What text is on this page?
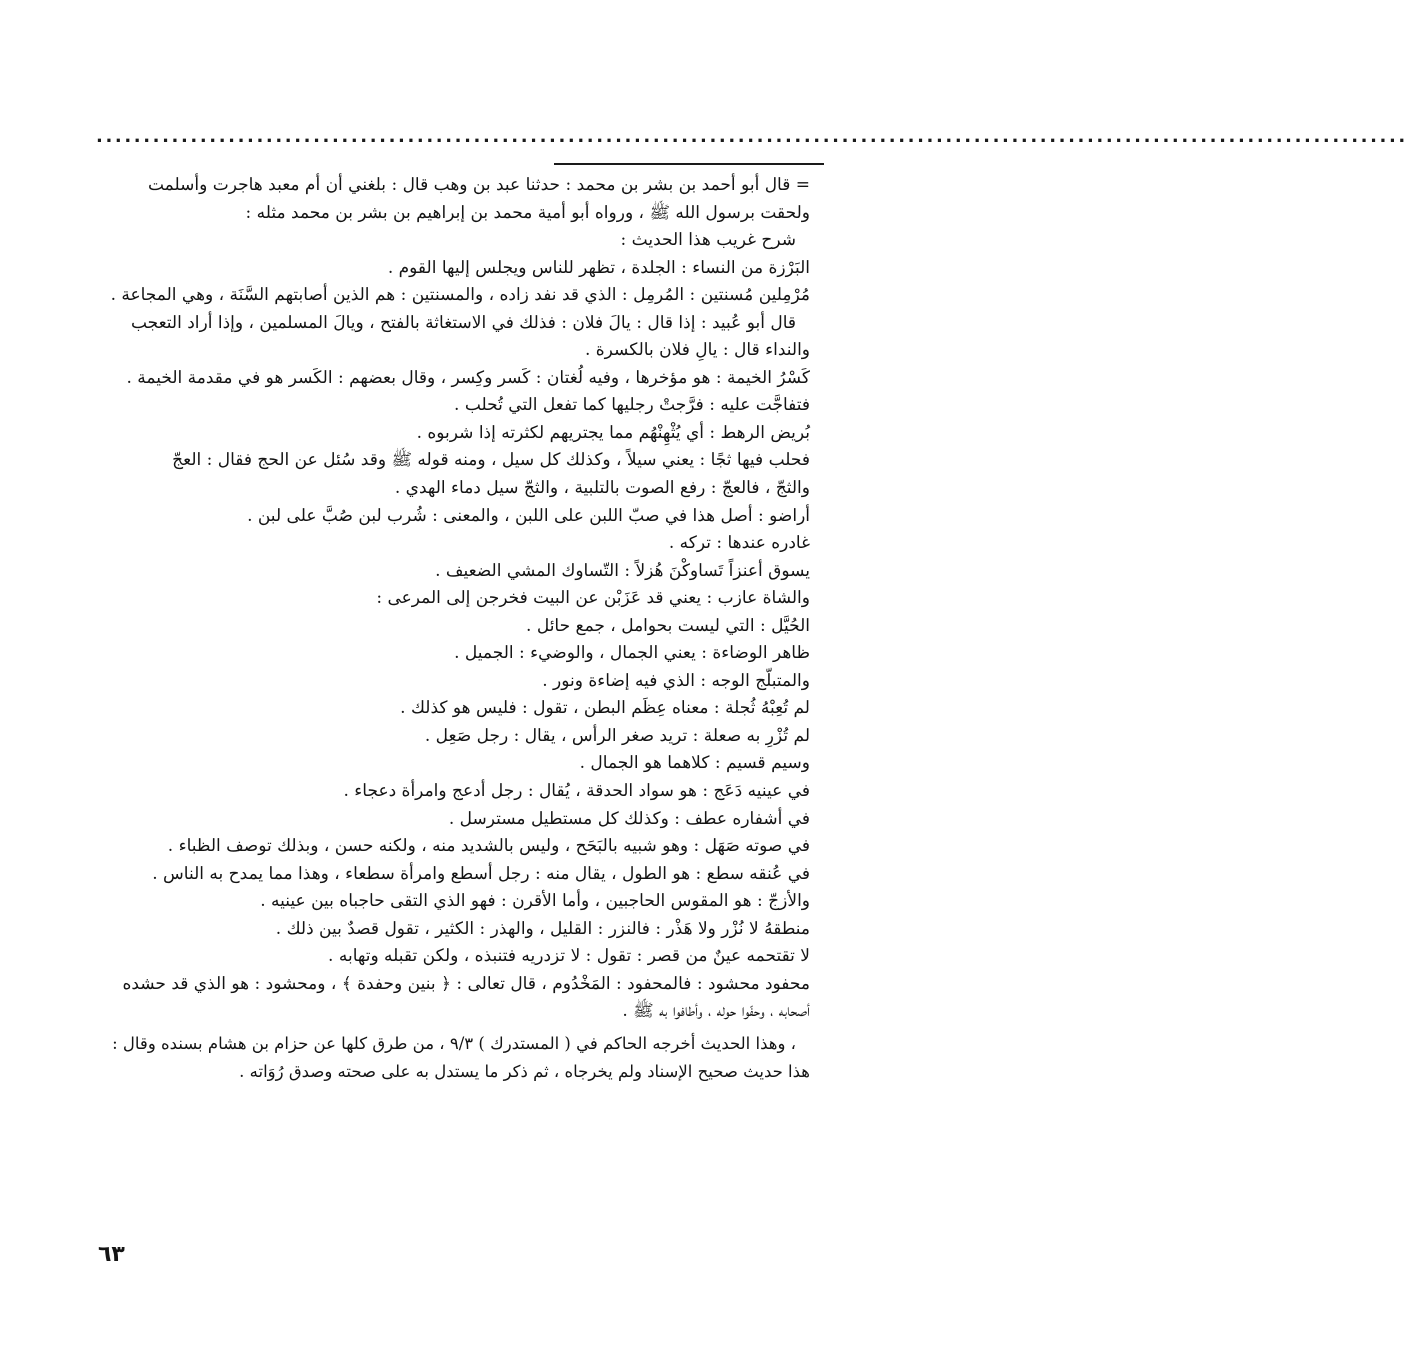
...........................................................................................................................................
= قال أبو أحمد بن بشر بن محمد : حدثنا عبد بن وهب قال : بلغني أن أم معبد هاجرت وأسلمت
ولحقت برسول الله ﷺ ، ورواه أبو أمية محمد بن إبراهيم بن بشر بن محمد مثله :
شرح غريب هذا الحديث :
البَرْزة من النساء : الجلدة ، تظهر للناس ويجلس إليها القوم .
مُرْمِلين مُسنتين : المُرمِل : الذي قد نفد زاده ، والمسنتين : هم الذين أصابتهم السَّنَة ، وهي المجاعة .
قال أبو عُبيد : إذا قال : يالَ فلان : فذلك في الاستغاثة بالفتح ، ويالَ المسلمين ، وإذا أراد التعجب
والنداء قال : يالِ فلان بالكسرة .
كَسْرُ الخيمة : هو مؤخرها ، وفيه لُغتان : كَسر وكِسر ، وقال بعضهم : الكَسر هو في مقدمة الخيمة .
فتفاجَّت عليه : فرَّجتْ رجليها كما تفعل التي تُحلب .
بُريض الرهط : أي يُثْهِنْهُم مما يجتريهم لكثرته إذا شربوه .
فحلب فيها ثجًا : يعني سيلاً ، وكذلك كل سيل ، ومنه قوله ﷺ وقد سُئل عن الحج فقال : العجّ
والثجّ ، فالعجّ : رفع الصوت بالتلبية ، والثجّ سيل دماء الهدي .
أراضو : أصل هذا في صبّ اللبن على اللبن ، والمعنى : شُرب لبن صُبَّ على لبن .
غادره عندها : تركه .
يسوق أعنزاً تَساوكْنَ هُزلاً : التّساوك المشي الضعيف .
والشاة عازب : يعني قد عَزَبْن عن البيت فخرجن إلى المرعى :
الحُيَّل : التي ليست بحوامل ، جمع حائل .
ظاهر الوضاءة : يعني الجمال ، والوضيء : الجميل .
والمتبلّج الوجه : الذي فيه إضاءة ونور .
لم تُعِبْهُ ثُجلة : معناه عِظَم البطن ، تقول : فليس هو كذلك .
لم تُزْرِ به صعلة : تريد صغر الرأس ، يقال : رجل صَعِل .
وسيم قسيم : كلاهما هو الجمال .
في عينيه دَعَج : هو سواد الحدقة ، يُقال : رجل أدعج وامرأة دعجاء .
في أشفاره عطف : وكذلك كل مستطيل مسترسل .
في صوته صَهَل : وهو شبيه بالبَحَح ، وليس بالشديد منه ، ولكنه حسن ، وبذلك توصف الظباء .
في عُنقه سطع : هو الطول ، يقال منه : رجل أسطع وامرأة سطعاء ، وهذا مما يمدح به الناس .
والأزجّ : هو المقوس الحاجبين ، وأما الأقرن : فهو الذي التقى حاجباه بين عينيه .
منطقهُ لا نُزْر ولا هَذْر : فالنزر : القليل ، والهذر : الكثير ، تقول قصدٌ بين ذلك .
لا تقتحمه عينٌ من قصر : تقول : لا تزدريه فتنبذه ، ولكن تقبله وتهابه .
محفود محشود : فالمحفود : المَخْدُوم ، قال تعالى : ﴿ بنين وحفدة ﴾ ، ومحشود : هو الذي قد حشده
أصحابه ، وحفّوا حوله ، وأطافوا به ﷺ .
، وهذا الحديث أخرجه الحاكم في ( المستدرك ) ٩/٣ ، من طرق كلها عن حزام بن هشام بسنده وقال :
هذا حديث صحيح الإسناد ولم يخرجاه ، ثم ذكر ما يستدل به على صحته وصدق رُوَاته .
٦٣
